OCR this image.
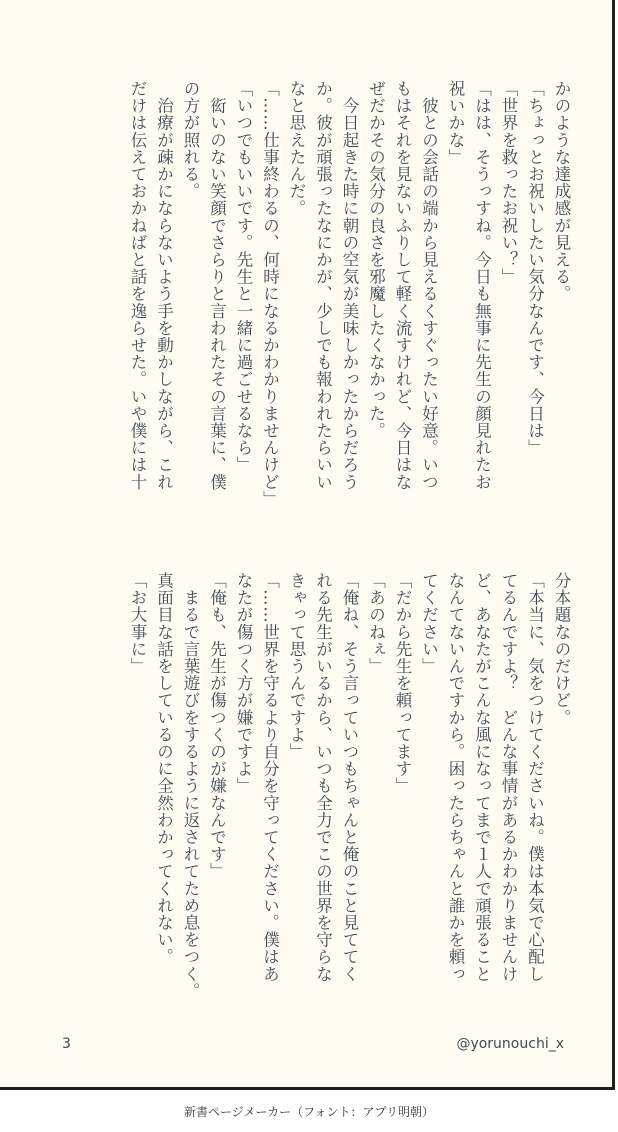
かのような達成感が見える。
「ちょっとお祝いしたい気分なんです、今日は」
「世界を救ったお祝い？」
「はは、そうっすね。今日も無事に先生の顔見れたお
祝いかな」
　彼との会話の端から見えるくすぐったい好意。いつ
もはそれを見ないふりして軽く流すけれど、今日はな
ぜだかその気分の良さを邪魔したくなかった。
　今日起きた時に朝の空気が美味しかったからだろう
か。彼が頑張ったなにかが、少しでも報われたらいい
なと思えたんだ。
「……仕事終わるの、何時になるかわかりませんけど」
「いつでもいいです。先生と一緒に過ごせるなら」
　衒いのない笑顔でさらりと言われたその言葉に、僕
の方が照れる。
　治療が疎かにならないよう手を動かしながら、これ
だけは伝えておかねばと話を逸らせた。いや僕には十
分本題なのだけど。
「本当に、気をつけてくださいね。僕は本気で心配し
てるんですよ？　どんな事情があるかわかりませんけ
ど、あなたがこんな風になってまで１人で頑張ること
なんてないんですから。困ったらちゃんと誰かを頼っ
てください」
「だから先生を頼ってます」
「あのねぇ」
「俺ね、そう言っていつもちゃんと俺のこと見ててく
れる先生がいるから、いつも全力でこの世界を守らな
きゃって思うんですよ」
「……世界を守るより自分を守ってください。僕はあ
なたが傷つく方が嫌ですよ」
「俺も、先生が傷つくのが嫌なんです」
　まるで言葉遊びをするように返されてため息をつく。
真面目な話をしているのに全然わかってくれない。
「お大事に」
3	@yorunouchi_x
新書ページメーカー（フォント：アプリ明朝）
